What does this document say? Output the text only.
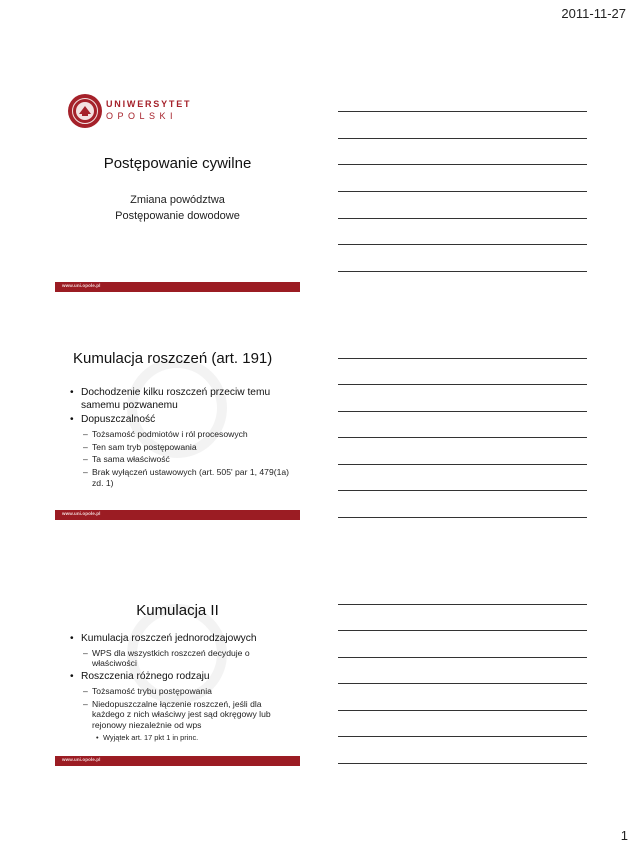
2011-11-27
UNIWERSYTET
OPOLSKI
Postępowanie cywilne
Zmiana powództwa
Postępowanie dowodowe
www.uni.opole.pl
Kumulacja roszczeń (art. 191)
• Dochodzenie kilku roszczeń przeciw temu samemu pozwanemu
• Dopuszczalność
– Tożsamość podmiotów i ról procesowych
– Ten sam tryb postępowania
– Ta sama właściwość
– Brak wyłączeń ustawowych (art. 505' par 1, 479(1a) zd. 1)
www.uni.opole.pl
Kumulacja II
• Kumulacja roszczeń jednorodzajowych
– WPS dla wszystkich roszczeń decyduje o właściwości
• Roszczenia różnego rodzaju
– Tożsamość trybu postępowania
– Niedopuszczalne łączenie roszczeń, jeśli dla każdego z nich właściwy jest sąd okręgowy lub rejonowy niezależnie od wps
• Wyjątek art. 17 pkt 1 in princ.
www.uni.opole.pl
1
